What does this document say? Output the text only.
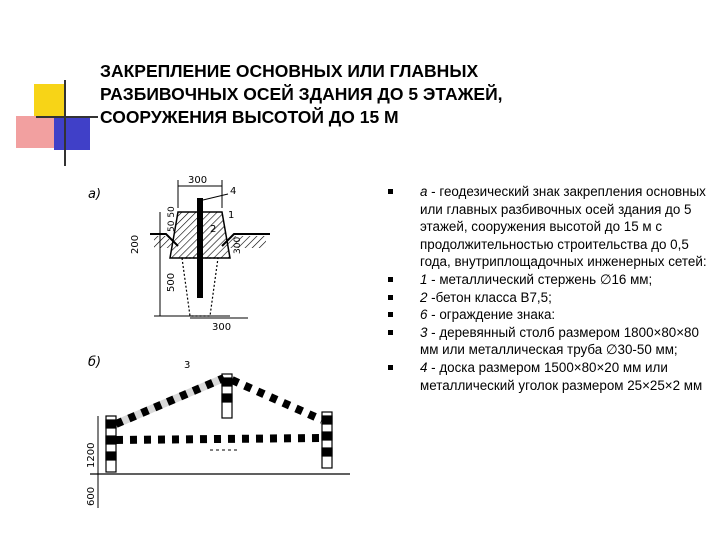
ЗАКРЕПЛЕНИЕ ОСНОВНЫХ ИЛИ ГЛАВНЫХ
РАЗБИВОЧНЫХ ОСЕЙ ЗДАНИЯ ДО 5 ЭТАЖЕЙ,
СООРУЖЕНИЯ ВЫСОТОЙ ДО 15 М
а)
300
200
500
50 50
300
300
4
1
2
б)	3
1200
600
а - геодезический знак закрепления основных или главных разбивочных осей здания до 5 этажей, сооружения высотой до 15 м с продолжительностью строительства до 0,5 года, внутриплощадочных инженерных сетей:
1 - металлический стержень ∅16 мм;
2 -бетон класса В7,5;
6 - ограждение знака:
3 - деревянный столб размером 1800×80×80 мм или металлическая труба ∅30-50 мм;
4 - доска размером 1500×80×20 мм или металлический уголок размером 25×25×2 мм
